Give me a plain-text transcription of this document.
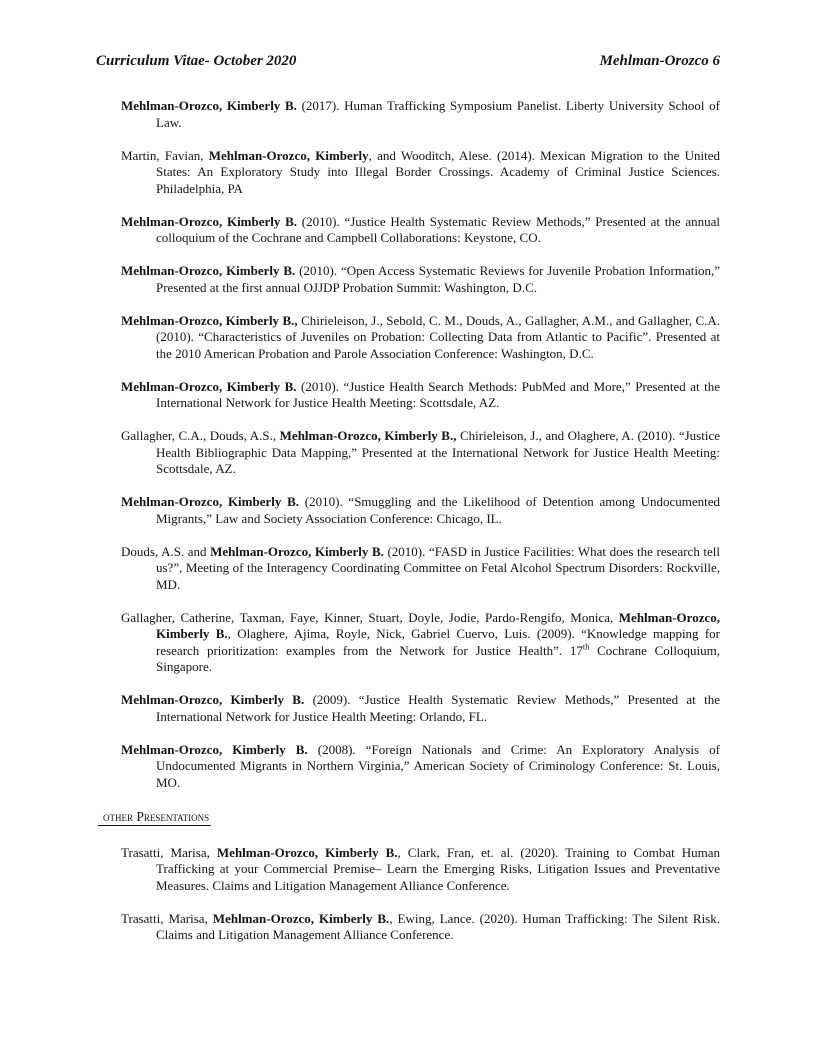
Curriculum Vitae- October 2020	Mehlman-Orozco 6

Mehlman-Orozco, Kimberly B. (2017). Human Trafficking Symposium Panelist. Liberty University School of Law.

Martin, Favian, Mehlman-Orozco, Kimberly, and Wooditch, Alese. (2014). Mexican Migration to the United States: An Exploratory Study into Illegal Border Crossings. Academy of Criminal Justice Sciences. Philadelphia, PA

Mehlman-Orozco, Kimberly B. (2010). “Justice Health Systematic Review Methods,” Presented at the annual colloquium of the Cochrane and Campbell Collaborations: Keystone, CO.

Mehlman-Orozco, Kimberly B. (2010). “Open Access Systematic Reviews for Juvenile Probation Information,” Presented at the first annual OJJDP Probation Summit: Washington, D.C.

Mehlman-Orozco, Kimberly B., Chirieleison, J., Sebold, C. M., Douds, A., Gallagher, A.M., and Gallagher, C.A. (2010). “Characteristics of Juveniles on Probation: Collecting Data from Atlantic to Pacific”. Presented at the 2010 American Probation and Parole Association Conference: Washington, D.C.

Mehlman-Orozco, Kimberly B. (2010). “Justice Health Search Methods: PubMed and More,” Presented at the International Network for Justice Health Meeting: Scottsdale, AZ.

Gallagher, C.A., Douds, A.S., Mehlman-Orozco, Kimberly B., Chirieleison, J., and Olaghere, A. (2010). “Justice Health Bibliographic Data Mapping,” Presented at the International Network for Justice Health Meeting: Scottsdale, AZ.

Mehlman-Orozco, Kimberly B. (2010). “Smuggling and the Likelihood of Detention among Undocumented Migrants,” Law and Society Association Conference: Chicago, IL.

Douds, A.S. and Mehlman-Orozco, Kimberly B. (2010). “FASD in Justice Facilities: What does the research tell us?”, Meeting of the Interagency Coordinating Committee on Fetal Alcohol Spectrum Disorders: Rockville, MD.

Gallagher, Catherine, Taxman, Faye, Kinner, Stuart, Doyle, Jodie, Pardo-Rengifo, Monica, Mehlman-Orozco, Kimberly B., Olaghere, Ajima, Royle, Nick, Gabriel Cuervo, Luis. (2009). “Knowledge mapping for research prioritization: examples from the Network for Justice Health”. 17th Cochrane Colloquium, Singapore.

Mehlman-Orozco, Kimberly B. (2009). “Justice Health Systematic Review Methods,” Presented at the International Network for Justice Health Meeting: Orlando, FL.

Mehlman-Orozco, Kimberly B. (2008). “Foreign Nationals and Crime: An Exploratory Analysis of Undocumented Migrants in Northern Virginia,” American Society of Criminology Conference: St. Louis, MO.

other Presentations

Trasatti, Marisa, Mehlman-Orozco, Kimberly B., Clark, Fran, et. al. (2020). Training to Combat Human Trafficking at your Commercial Premise– Learn the Emerging Risks, Litigation Issues and Preventative Measures. Claims and Litigation Management Alliance Conference.

Trasatti, Marisa, Mehlman-Orozco, Kimberly B., Ewing, Lance. (2020). Human Trafficking: The Silent Risk. Claims and Litigation Management Alliance Conference.
